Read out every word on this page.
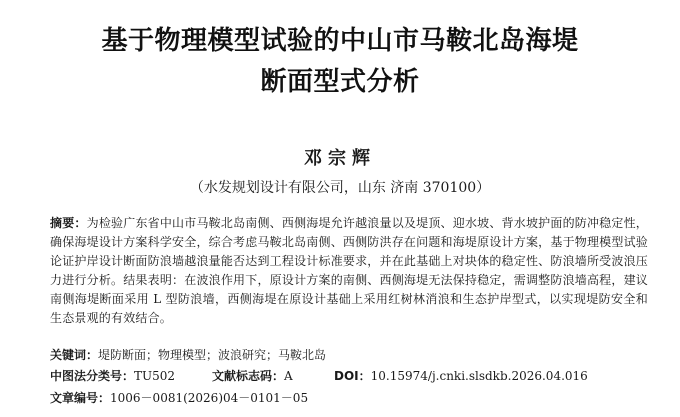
基于物理模型试验的中山市马鞍北岛海堤
断面型式分析
邓宗辉
（水发规划设计有限公司，山东 济南 370100）
摘要：为检验广东省中山市马鞍北岛南侧、西侧海堤允许越浪量以及堤顶、迎水坡、背水坡护面的防冲稳定性，确保海堤设计方案科学安全，综合考虑马鞍北岛南侧、西侧防洪存在问题和海堤原设计方案，基于物理模型试验论证护岸设计断面防浪墙越浪量能否达到工程设计标准要求，并在此基础上对块体的稳定性、防浪墙所受波浪压力进行分析。结果表明：在波浪作用下，原设计方案的南侧、西侧海堤无法保持稳定，需调整防浪墙高程，建议南侧海堤断面采用 L 型防浪墙，西侧海堤在原设计基础上采用红树林消浪和生态护岸型式，以实现堤防安全和生态景观的有效结合。
关键词：堤防断面；物理模型；波浪研究；马鞍北岛
中图法分类号：TU502	文献标志码：A	DOI：10.15974/j.cnki.slsdkb.2026.04.016
文章编号：1006－0081(2026)04－0101－05
